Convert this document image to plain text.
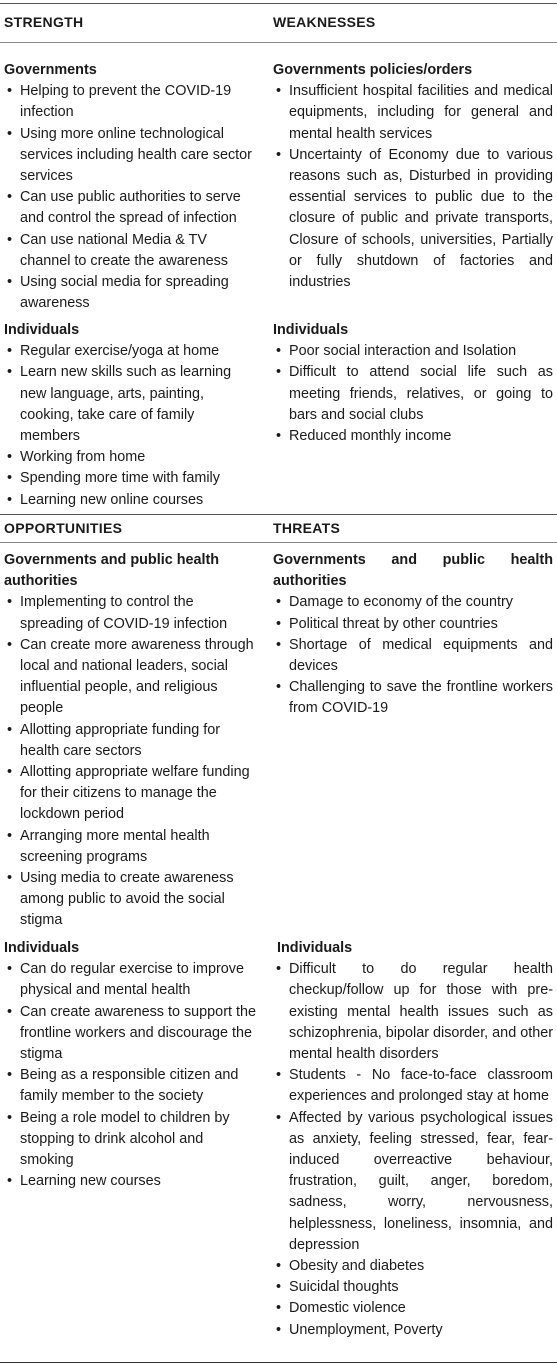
STRENGTH	WEAKNESSES
OPPORTUNITIES	THREATS

Governments

• Helping to prevent the COVID-19 infection
• Using more online technological services including health care sector services
• Can use public authorities to serve and control the spread of infection
• Can use national Media & TV channel to create the awareness
• Using social media for spreading awareness

Individuals

• Regular exercise/yoga at home
• Learn new skills such as learning new language, arts, painting, cooking, take care of family members
• Working from home
• Spending more time with family
• Learning new online courses

Governments policies/orders

• Insufficient hospital facilities and medical equipments, including for general and mental health services
• Uncertainty of Economy due to various reasons such as, Disturbed in providing essential services to public due to the closure of public and private transports, Closure of schools, universities, Partially or fully shutdown of factories and industries

Individuals

• Poor social interaction and Isolation
• Difficult to attend social life such as meeting friends, relatives, or going to bars and social clubs
• Reduced monthly income

Governments and public health authorities

• Implementing to control the spreading of COVID-19 infection
• Can create more awareness through local and national leaders, social influential people, and religious people
• Allotting appropriate funding for health care sectors
• Allotting appropriate welfare funding for their citizens to manage the lockdown period
• Arranging more mental health screening programs
• Using media to create awareness among public to avoid the social stigma

Individuals

• Can do regular exercise to improve physical and mental health
• Can create awareness to support the frontline workers and discourage the stigma
• Being as a responsible citizen and family member to the society
• Being a role model to children by stopping to drink alcohol and smoking
• Learning new courses

Governments and public health authorities

• Damage to economy of the country
• Political threat by other countries
• Shortage of medical equipments and devices
• Challenging to save the frontline workers from COVID-19

Individuals

• Difficult to do regular health checkup/follow up for those with pre-existing mental health issues such as schizophrenia, bipolar disorder, and other mental health disorders
• Students - No face-to-face classroom experiences and prolonged stay at home
• Affected by various psychological issues as anxiety, feeling stressed, fear, fear-induced overreactive behaviour, frustration, guilt, anger, boredom, sadness, worry, nervousness, helplessness, loneliness, insomnia, and depression
• Obesity and diabetes
• Suicidal thoughts
• Domestic violence
• Unemployment, Poverty
